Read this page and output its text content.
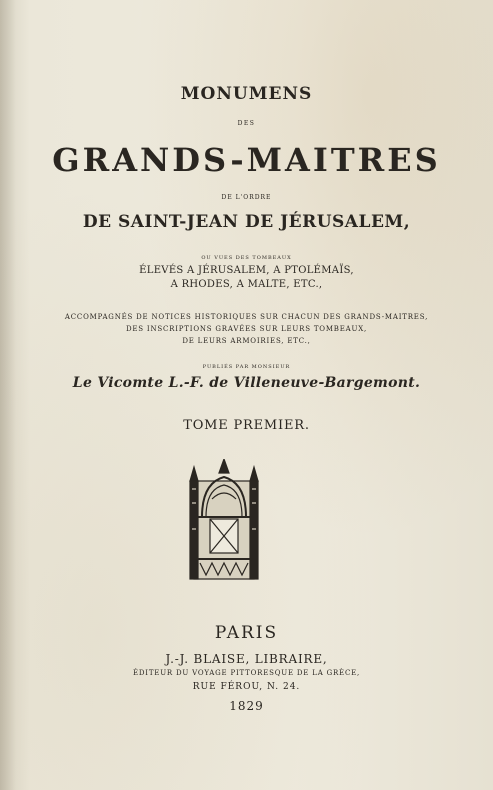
MONUMENS
DES
GRANDS-MAITRES
DE L'ORDRE
DE SAINT-JEAN DE JÉRUSALEM,
OU VUES DES TOMBEAUX
ÉLEVÉS A JÉRUSALEM, A PTOLÉMAÏS,
A RHODES, A MALTE, ETC.,
ACCOMPAGNÉS DE NOTICES HISTORIQUES SUR CHACUN DES GRANDS-MAITRES,
DES INSCRIPTIONS GRAVÉES SUR LEURS TOMBEAUX,
DE LEURS ARMOIRIES, ETC.,
PUBLIÉS PAR MONSIEUR
Le Vicomte L.-F. de Villeneuve-Bargemont.
TOME PREMIER.
PARIS
J.-J. BLAISE, LIBRAIRE,
ÉDITEUR DU VOYAGE PITTORESQUE DE LA GRÈCE,
RUE FÉROU, N. 24.
1829
